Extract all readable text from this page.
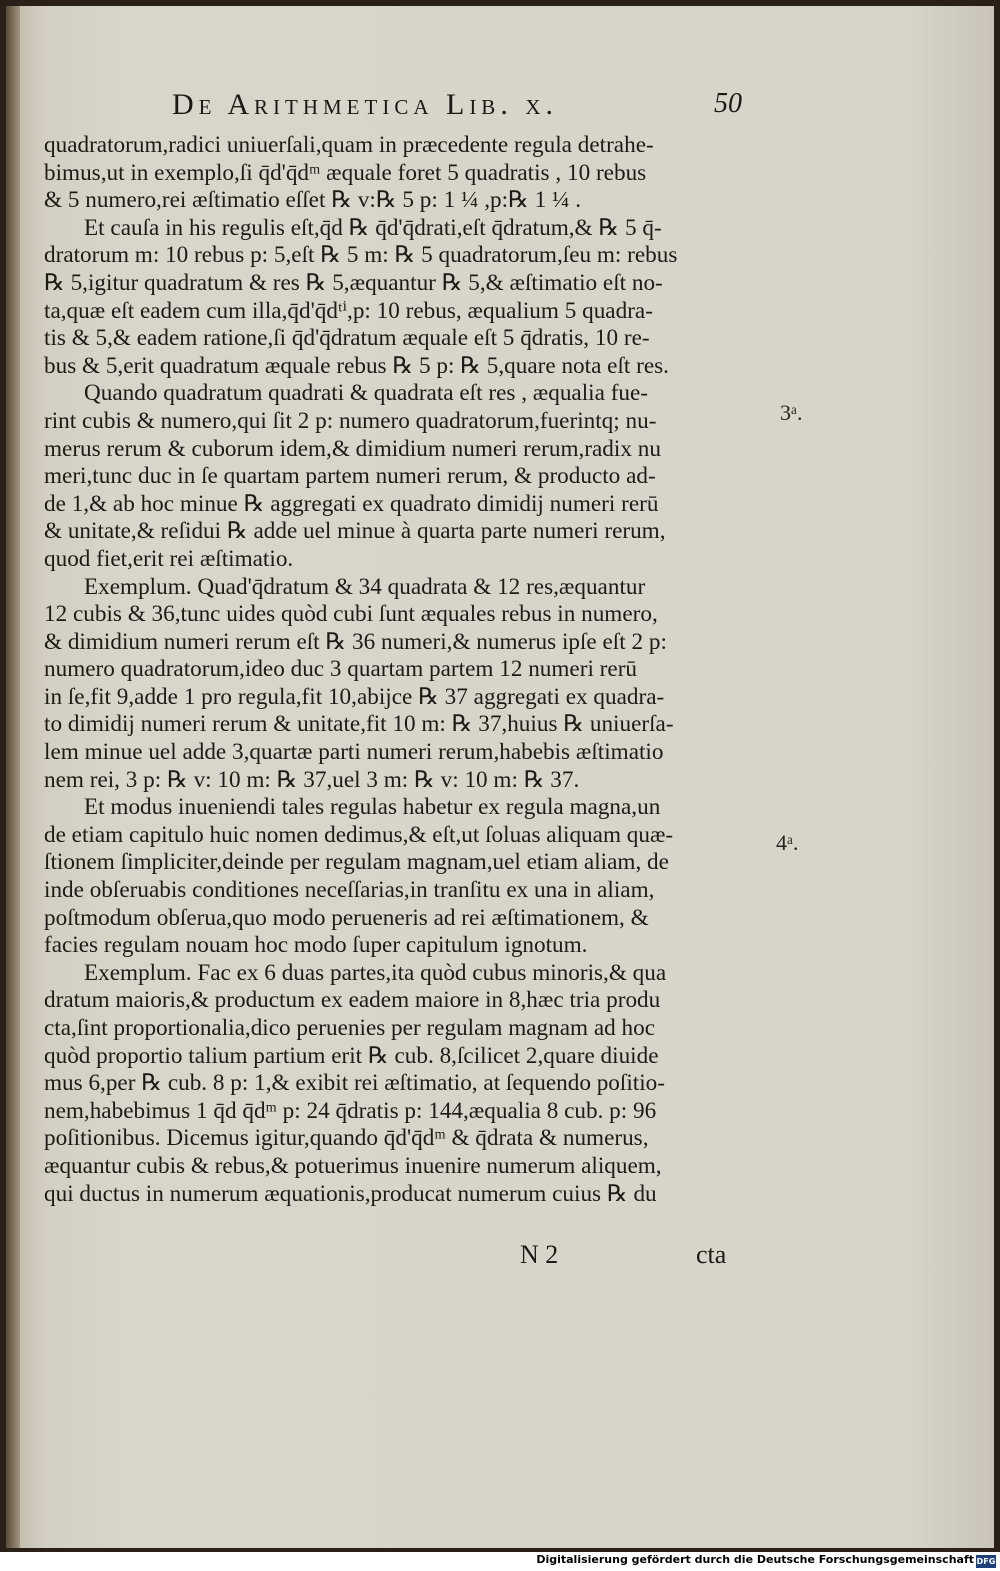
De Arithmetica Lib. x.	50
quadratorum,radici uniuerſali,quam in præcedente regula detrahe-
bimus,ut in exemplo,ſi q̄d'q̄dᵐ æquale foret 5 quadratis , 10 rebus
& 5 numero,rei æſtimatio eſſet ℞ v:℞ 5 p: 1 ¼ ,p:℞ 1 ¼ .
Et cauſa in his regulis eſt,q̄d ℞ q̄d'q̄drati,eſt q̄dratum,& ℞ 5 q̄-
dratorum m: 10 rebus p: 5,eſt ℞ 5 m: ℞ 5 quadratorum,ſeu m: rebus
℞ 5,igitur quadratum & res ℞ 5,æquantur ℞ 5,& æſtimatio eſt no-
ta,quæ eſt eadem cum illa,q̄d'q̄dᵗⁱ,p: 10 rebus, æqualium 5 quadra-
tis & 5,& eadem ratione,ſi q̄d'q̄dratum æquale eſt 5 q̄dratis, 10 re-
bus & 5,erit quadratum æquale rebus ℞ 5 p: ℞ 5,quare nota eſt res.
Quando quadratum quadrati & quadrata eſt res , æqualia fue-
rint cubis & numero,qui ſit 2 p: numero quadratorum,fuerintq; nu-
merus rerum & cuborum idem,& dimidium numeri rerum,radix nu
meri,tunc duc in ſe quartam partem numeri rerum, & producto ad-
de 1,& ab hoc minue ℞ aggregati ex quadrato dimidij numeri rerū
& unitate,& reſidui ℞ adde uel minue à quarta parte numeri rerum,
quod fiet,erit rei æſtimatio.
Exemplum. Quad'q̄dratum & 34 quadrata & 12 res,æquantur
12 cubis & 36,tunc uides quòd cubi ſunt æquales rebus in numero,
& dimidium numeri rerum eſt ℞ 36 numeri,& numerus ipſe eſt 2 p:
numero quadratorum,ideo duc 3 quartam partem 12 numeri rerū
in ſe,fit 9,adde 1 pro regula,fit 10,abijce ℞ 37 aggregati ex quadra-
to dimidij numeri rerum & unitate,fit 10 m: ℞ 37,huius ℞ uniuerſa-
lem minue uel adde 3,quartæ parti numeri rerum,habebis æſtimatio
nem rei, 3 p: ℞ v: 10 m: ℞ 37,uel 3 m: ℞ v: 10 m: ℞ 37.
Et modus inueniendi tales regulas habetur ex regula magna,un
de etiam capitulo huic nomen dedimus,& eſt,ut ſoluas aliquam quæ-
ſtionem ſimpliciter,deinde per regulam magnam,uel etiam aliam, de
inde obſeruabis conditiones neceſſarias,in tranſitu ex una in aliam,
poſtmodum obſerua,quo modo perueneris ad rei æſtimationem, &
facies regulam nouam hoc modo ſuper capitulum ignotum.
Exemplum. Fac ex 6 duas partes,ita quòd cubus minoris,& qua
dratum maioris,& productum ex eadem maiore in 8,hæc tria produ
cta,ſint proportionalia,dico peruenies per regulam magnam ad hoc
quòd proportio talium partium erit ℞ cub. 8,ſcilicet 2,quare diuide
mus 6,per ℞ cub. 8 p: 1,& exibit rei æſtimatio, at ſequendo poſitio-
nem,habebimus 1 q̄d q̄dᵐ p: 24 q̄dratis p: 144,æqualia 8 cub. p: 96
poſitionibus. Dicemus igitur,quando q̄d'q̄dᵐ & q̄drata & numerus,
æquantur cubis & rebus,& potuerimus inuenire numerum aliquem,
qui ductus in numerum æquationis,producat numerum cuius ℞ du
3ᵃ.
4ᵃ.
N 2	cta
Digitalisierung gefördert durch die Deutsche Forschungsgemeinschaft DFG
